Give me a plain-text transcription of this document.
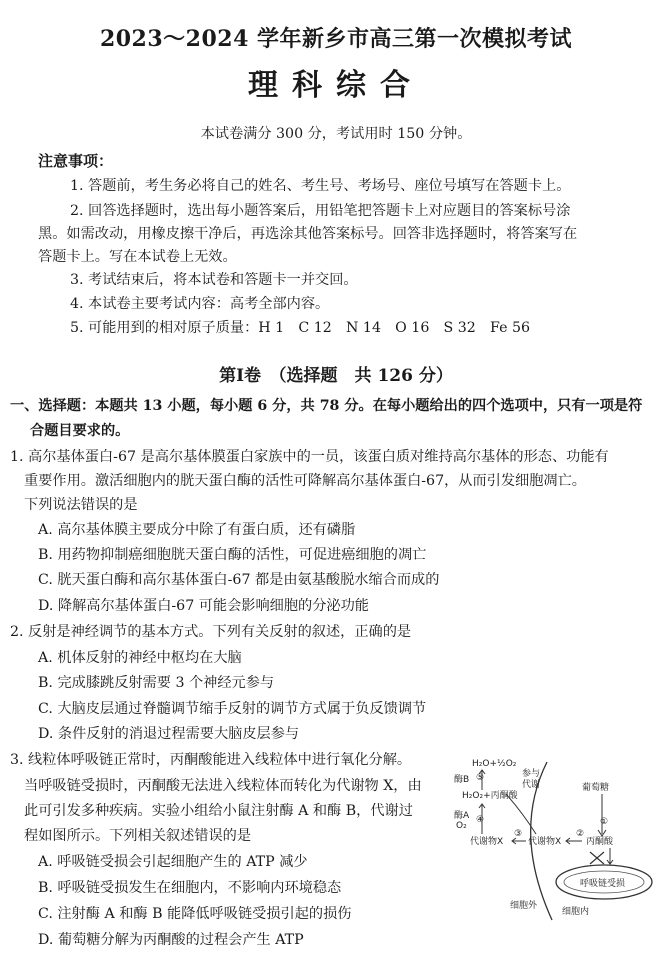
2023～2024 学年新乡市高三第一次模拟考试
理科综合
本试卷满分 300 分，考试用时 150 分钟。
注意事项：
1. 答题前，考生务必将自己的姓名、考生号、考场号、座位号填写在答题卡上。
2. 回答选择题时，选出每小题答案后，用铅笔把答题卡上对应题目的答案标号涂
黑。如需改动，用橡皮擦干净后，再选涂其他答案标号。回答非选择题时，将答案写在
答题卡上。写在本试卷上无效。
3. 考试结束后，将本试卷和答题卡一并交回。
4. 本试卷主要考试内容：高考全部内容。
5. 可能用到的相对原子质量：H 1　C 12　N 14　O 16　S 32　Fe 56
第Ⅰ卷　（选择题　共 126 分）
一、选择题：本题共 13 小题，每小题 6 分，共 78 分。在每小题给出的四个选项中，只有一项是符
合题目要求的。
1. 高尔基体蛋白-67 是高尔基体膜蛋白家族中的一员，该蛋白质对维持高尔基体的形态、功能有
重要作用。激活细胞内的胱天蛋白酶的活性可降解高尔基体蛋白-67，从而引发细胞凋亡。
下列说法错误的是
A. 高尔基体膜主要成分中除了有蛋白质，还有磷脂
B. 用药物抑制癌细胞胱天蛋白酶的活性，可促进癌细胞的凋亡
C. 胱天蛋白酶和高尔基体蛋白-67 都是由氨基酸脱水缩合而成的
D. 降解高尔基体蛋白-67 可能会影响细胞的分泌功能
2. 反射是神经调节的基本方式。下列有关反射的叙述，正确的是
A. 机体反射的神经中枢均在大脑
B. 完成膝跳反射需要 3 个神经元参与
C. 大脑皮层通过脊髓调节缩手反射的调节方式属于负反馈调节
D. 条件反射的消退过程需要大脑皮层参与
3. 线粒体呼吸链正常时，丙酮酸能进入线粒体中进行氧化分解。
当呼吸链受损时，丙酮酸无法进入线粒体而转化为代谢物 X，由
此可引发多种疾病。实验小组给小鼠注射酶 A 和酶 B，代谢过
程如图所示。下列相关叙述错误的是
A. 呼吸链受损会引起细胞产生的 ATP 减少
B. 呼吸链受损发生在细胞内，不影响内环境稳态
C. 注射酶 A 和酶 B 能降低呼吸链受损引起的损伤
D. 葡萄糖分解为丙酮酸的过程会产生 ATP
H₂O+½O₂
酶B ⑤	参与
代谢
H₂O₂+丙酮酸
酶A
O₂
④
葡萄糖
①
代谢物X
③
代谢物X
②
丙酮酸
呼吸链受损
细胞外
细胞内
